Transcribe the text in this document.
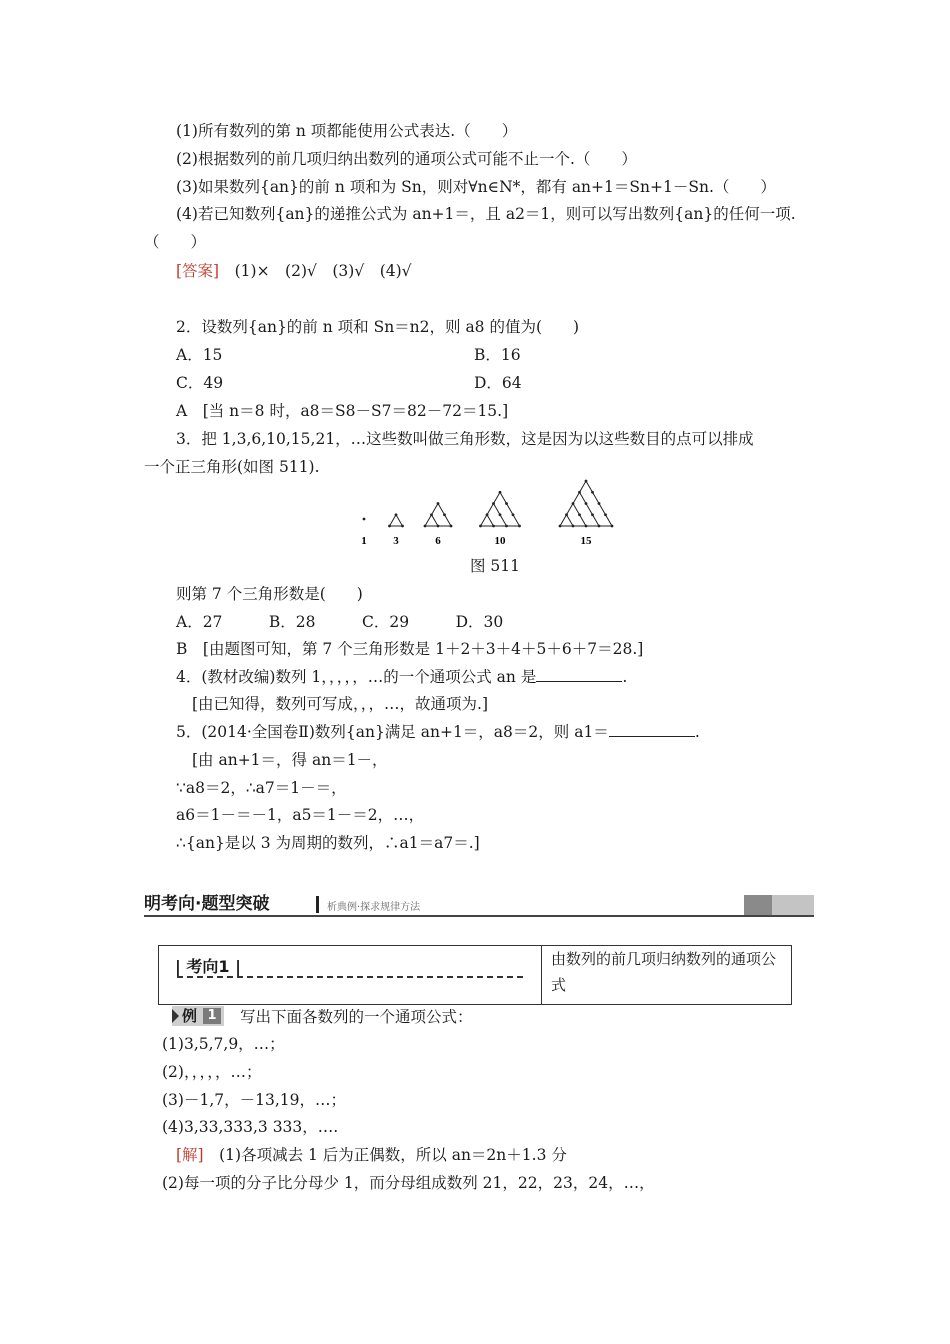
(1)所有数列的第 n 项都能使用公式表达.（　　）
(2)根据数列的前几项归纳出数列的通项公式可能不止一个.（　　）
(3)如果数列{an}的前 n 项和为 Sn，则对∀n∈N*，都有 an+1＝Sn+1－Sn.（　　）
(4)若已知数列{an}的递推公式为 an+1＝，且 a2＝1，则可以写出数列{an}的任何一项.
（　　）
[答案]　(1)×　(2)√　(3)√　(4)√
2．设数列{an}的前 n 项和 Sn＝n2，则 a8 的值为(　　)
A．15	B．16
C．49	D．64
A　[当 n＝8 时，a8＝S8－S7＝82－72＝15.]
3．把 1,3,6,10,15,21，…这些数叫做三角形数，这是因为以这些数目的点可以排成
一个正三角形(如图 511).
1 3	6	10	15
图 511
则第 7 个三角形数是(　　)
A．27　　　B．28　　　C．29　　　D．30
B　[由题图可知，第 7 个三角形数是 1＋2＋3＋4＋5＋6＋7＝28.]
4．(教材改编)数列 1，，，，，…的一个通项公式 an 是	.
[由已知得，数列可写成，，，…，故通项为.]
5．(2014·全国卷Ⅱ)数列{an}满足 an+1＝，a8＝2，则 a1＝	.
[由 an+1＝，得 an＝1－，
∵a8＝2，∴a7＝1－＝，
a6＝1－＝－1，a5＝1－＝2，…，
∴{an}是以 3 为周期的数列，∴a1＝a7＝.]
明考向·题型突破	析典例·探求规律方法
| 考向1 |	由数列的前几项归纳数列的通项公式
例 1 写出下面各数列的一个通项公式：
(1)3,5,7,9，…；
(2)，，，，，…；
(3)－1,7，－13,19，…；
(4)3,33,333,3 333，….
[解]　(1)各项减去 1 后为正偶数，所以 an＝2n＋1.3 分
(2)每一项的分子比分母少 1，而分母组成数列 21，22，23，24，…，
